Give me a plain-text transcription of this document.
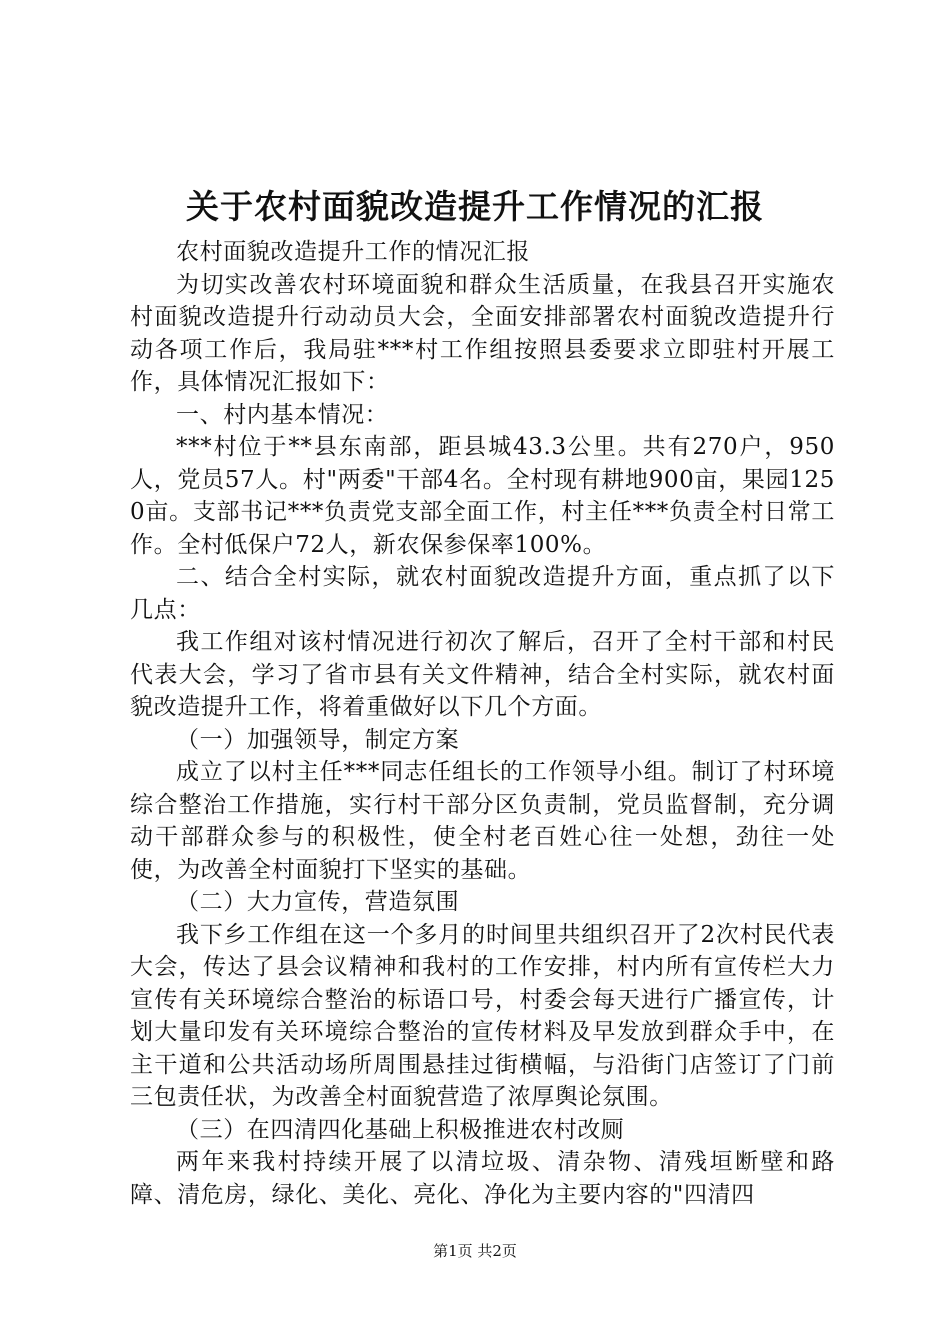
关于农村面貌改造提升工作情况的汇报

农村面貌改造提升工作的情况汇报

为切实改善农村环境面貌和群众生活质量，在我县召开实施农村面貌改造提升行动动员大会，全面安排部署农村面貌改造提升行动各项工作后，我局驻***村工作组按照县委要求立即驻村开展工作，具体情况汇报如下：

一、村内基本情况：

***村位于**县东南部，距县城43.3公里。共有270户，950人，党员57人。村"两委"干部4名。全村现有耕地900亩，果园1250亩。支部书记***负责党支部全面工作，村主任***负责全村日常工作。全村低保户72人，新农保参保率100%。

二、结合全村实际，就农村面貌改造提升方面，重点抓了以下几点：

我工作组对该村情况进行初次了解后，召开了全村干部和村民代表大会，学习了省市县有关文件精神，结合全村实际，就农村面貌改造提升工作，将着重做好以下几个方面。

（一）加强领导，制定方案

成立了以村主任***同志任组长的工作领导小组。制订了村环境综合整治工作措施，实行村干部分区负责制，党员监督制，充分调动干部群众参与的积极性，使全村老百姓心往一处想，劲往一处使，为改善全村面貌打下坚实的基础。

（二）大力宣传，营造氛围

我下乡工作组在这一个多月的时间里共组织召开了2次村民代表大会，传达了县会议精神和我村的工作安排，村内所有宣传栏大力宣传有关环境综合整治的标语口号，村委会每天进行广播宣传，计划大量印发有关环境综合整治的宣传材料及早发放到群众手中，在主干道和公共活动场所周围悬挂过街横幅，与沿街门店签订了门前三包责任状，为改善全村面貌营造了浓厚舆论氛围。

（三）在四清四化基础上积极推进农村改厕

两年来我村持续开展了以清垃圾、清杂物、清残垣断壁和路障、清危房，绿化、美化、亮化、净化为主要内容的"四清四

第1页 共2页
